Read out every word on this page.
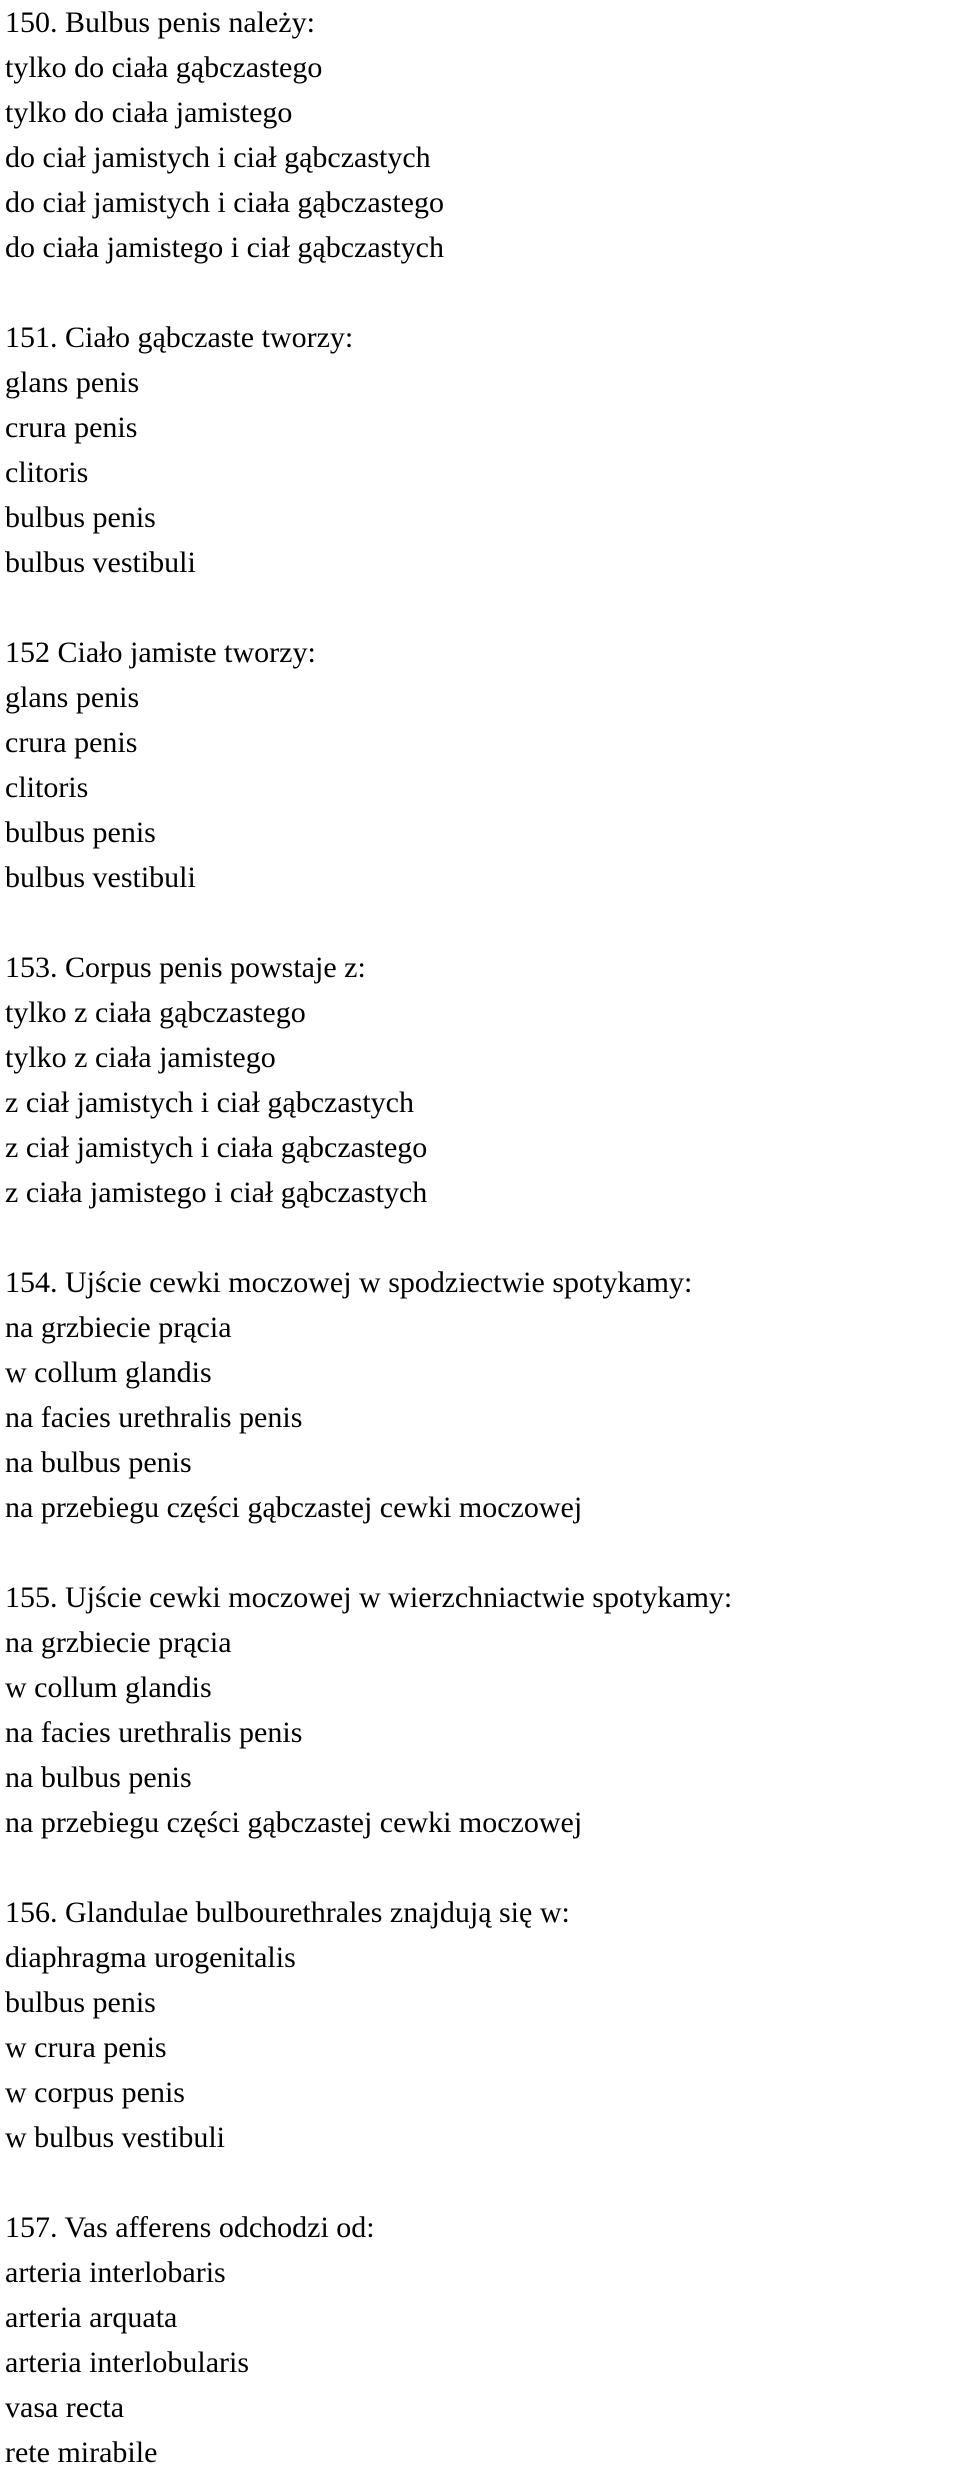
150. Bulbus penis należy:
tylko do ciała gąbczastego
tylko do ciała jamistego
do ciał jamistych i ciał gąbczastych
do ciał jamistych i ciała gąbczastego
do ciała jamistego i ciał gąbczastych
151. Ciało gąbczaste tworzy:
glans penis
crura penis
clitoris
bulbus penis
bulbus vestibuli
152 Ciało jamiste tworzy:
glans penis
crura penis
clitoris
bulbus penis
bulbus vestibuli
153. Corpus penis powstaje z:
tylko z ciała gąbczastego
tylko z ciała jamistego
z ciał jamistych i ciał gąbczastych
z ciał jamistych i ciała gąbczastego
z ciała jamistego i ciał gąbczastych
154. Ujście cewki moczowej w spodziectwie spotykamy:
na grzbiecie prącia
w collum glandis
na facies urethralis penis
na bulbus penis
na przebiegu części gąbczastej cewki moczowej
155. Ujście cewki moczowej w wierzchniactwie spotykamy:
na grzbiecie prącia
w collum glandis
na facies urethralis penis
na bulbus penis
na przebiegu części gąbczastej cewki moczowej
156. Glandulae bulbourethrales znajdują się w:
diaphragma urogenitalis
bulbus penis
w crura penis
w corpus penis
w bulbus vestibuli
157. Vas afferens odchodzi od:
arteria interlobaris
arteria arquata
arteria interlobularis
vasa recta
rete mirabile
